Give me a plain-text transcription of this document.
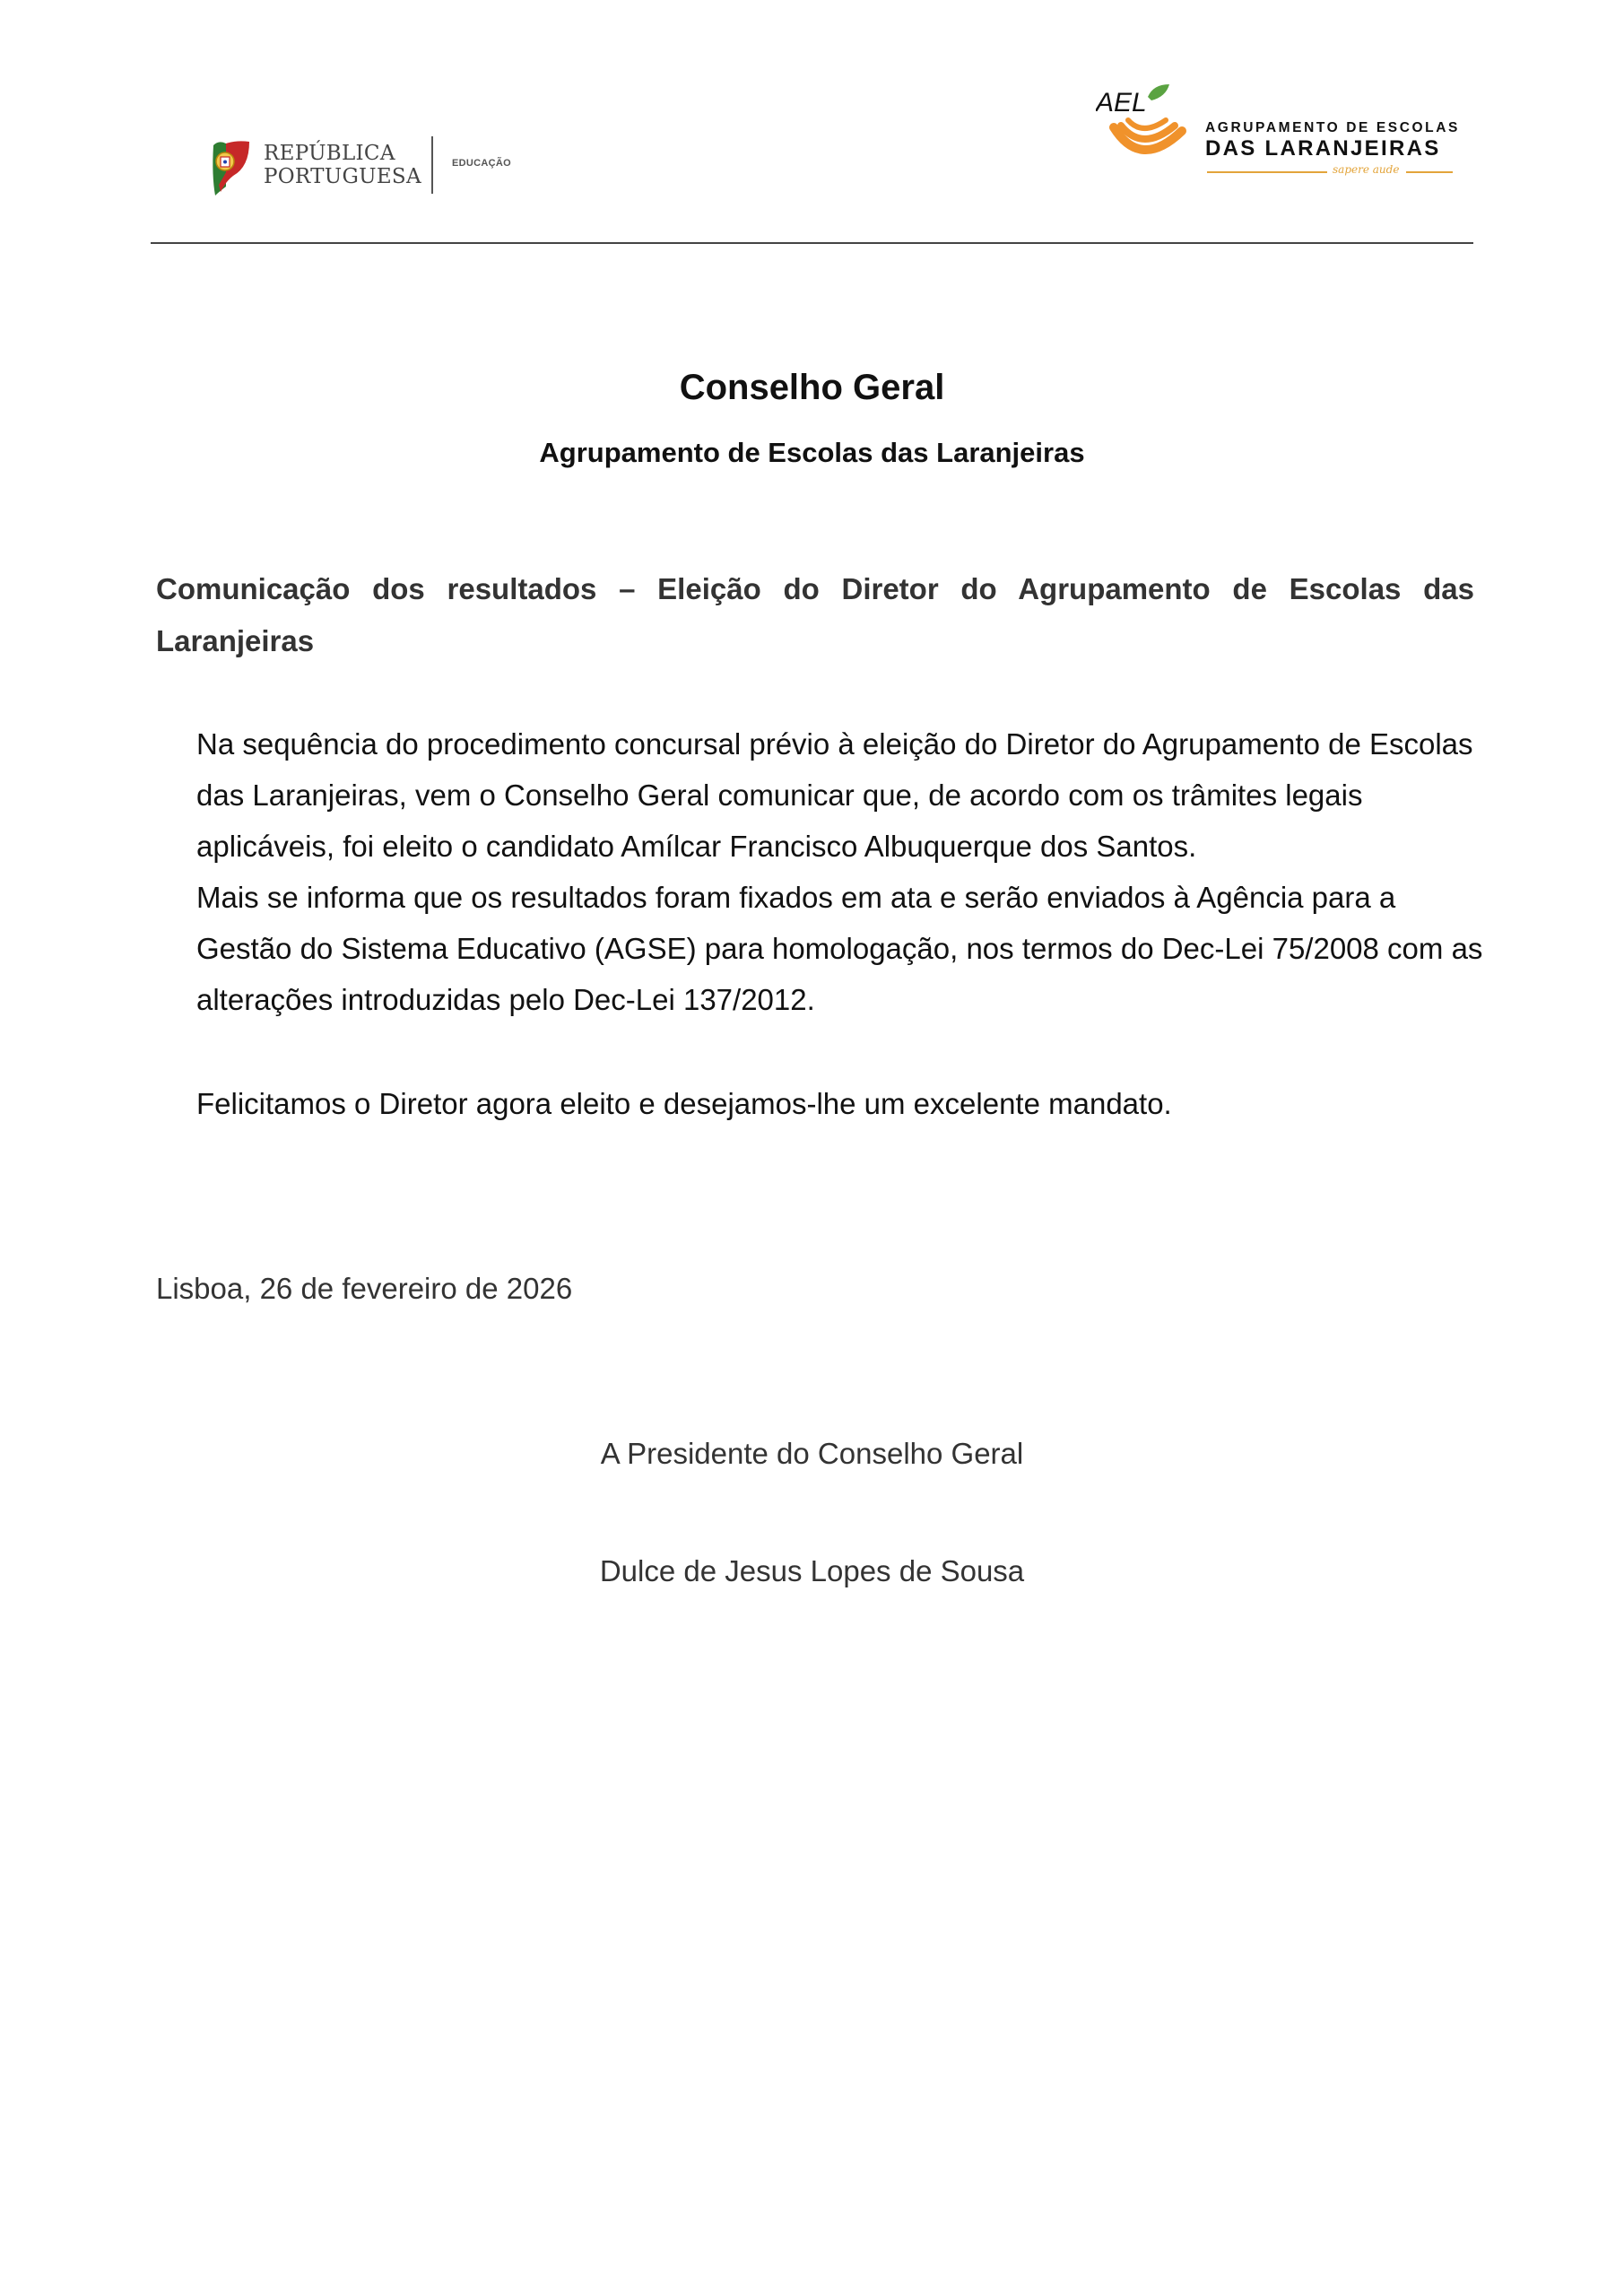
REPÚBLICA
PORTUGUESA
EDUCAÇÃO
AEL
AGRUPAMENTO DE ESCOLAS
DAS LARANJEIRAS
sapere aude
Conselho Geral
Agrupamento de Escolas das Laranjeiras
Comunicação dos resultados – Eleição do Diretor do Agrupamento de Escolas das Laranjeiras
Na sequência do procedimento concursal prévio à eleição do Diretor do Agrupamento de Escolas das Laranjeiras, vem o Conselho Geral comunicar que, de acordo com os trâmites legais aplicáveis, foi eleito o candidato Amílcar Francisco Albuquerque dos Santos.
Mais se informa que os resultados foram fixados em ata e serão enviados à Agência para a Gestão do Sistema Educativo (AGSE) para homologação, nos termos do Dec-Lei 75/2008 com as alterações introduzidas pelo Dec-Lei 137/2012.
Felicitamos o Diretor agora eleito e desejamos-lhe um excelente mandato.
Lisboa, 26 de fevereiro de 2026
A Presidente do Conselho Geral
Dulce de Jesus Lopes de Sousa
